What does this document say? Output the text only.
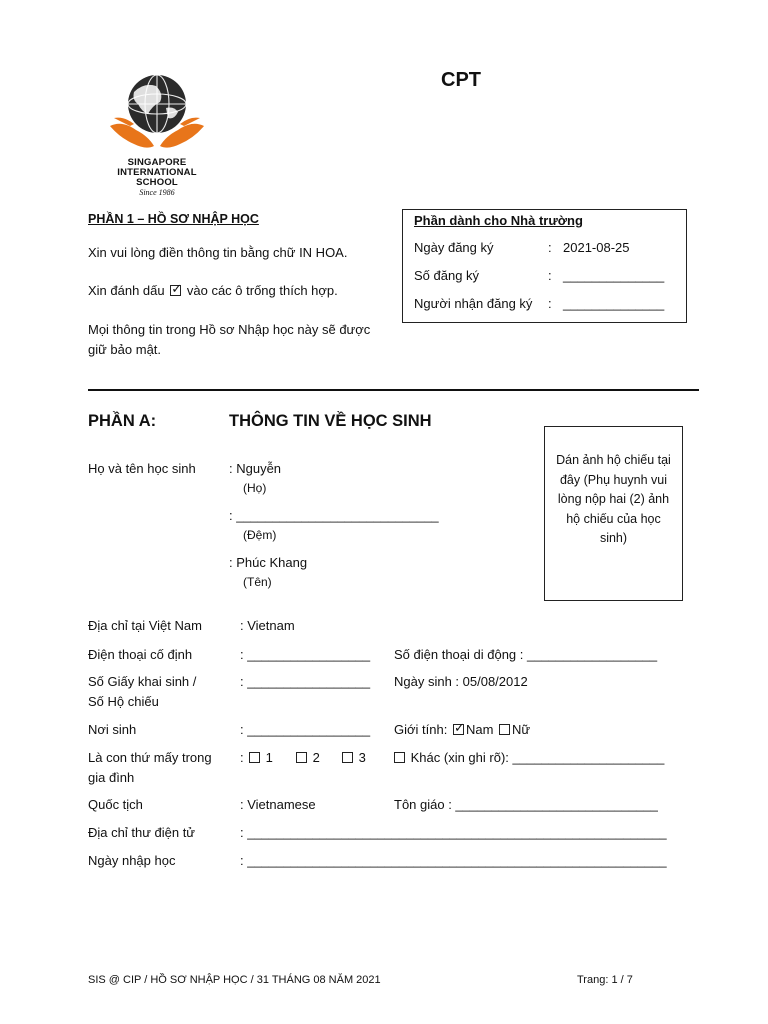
SINGAPORE
INTERNATIONAL
SCHOOL
Since 1986
CPT
PHẦN 1 – HỒ SƠ NHẬP HỌC
Xin vui lòng điền thông tin bằng chữ IN HOA.
Xin đánh dấu ✓ vào các ô trống thích hợp.
Mọi thông tin trong Hồ sơ Nhập học này sẽ được
giữ bảo mật.
Phần dành cho Nhà trường
Ngày đăng ký	: 2021-08-25
Số đăng ký	: ______________
Người nhận đăng ký : ______________
PHẦN A:	THÔNG TIN VỀ HỌC SINH
Dán ảnh hộ chiếu tại đây (Phụ huynh vui lòng nộp hai (2) ảnh hộ chiếu của học sinh)
Họ và tên học sinh	: Nguyễn
(Họ)
: ____________________________
(Đệm)
: Phúc Khang
(Tên)
Địa chỉ tại Việt Nam	: Vietnam
Điện thoại cố định	: _________________ Số điện thoại di động : __________________
Số Giấy khai sinh /
Số Hộ chiếu
: _________________ Ngày sinh : 05/08/2012
Nơi sinh	: _________________ Giới tính: ✓ Nam Nữ
Là con thứ mấy trong
gia đình
:	1	2	3	Khác (xin ghi rõ): _____________________
Quốc tịch	: Vietnamese	Tôn giáo : ____________________________
Địa chỉ thư điện tử	: __________________________________________________________
Ngày nhập học	: __________________________________________________________
SIS @ CIP / HỒ SƠ NHẬP HỌC / 31 THÁNG 08 NĂM 2021	Trang: 1 / 7
